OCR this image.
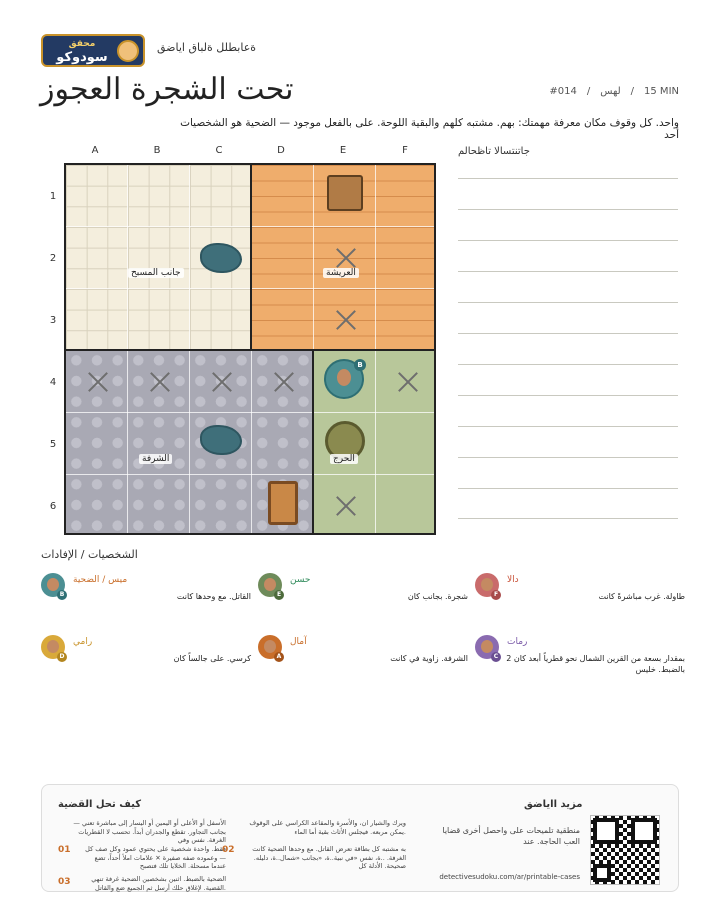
محقق
سودوكو
ةعابطلل ةلباق اياضق
تحت الشجرة العجوز	#014 / لهس / 15 MIN
واحد. كل وقوف مكان معرفة مهمتك: بهم. مشتبه كلهم والبقية اللوحة. على بالفعل موجود — الضحية هو الشخصيات أحد
A	B	C	D	E	F
1
2
3
4
5
6
B
جانب المسبح	العريشة
الشرفة	الحرج
جاتنتسالا تاظحالم
الشخصيات / الإفادات
B
ميس / الضحية
القاتل. مع وحدها كانت	E
حسن
شجرة. بجانب كان	F
دالا
طاولة. غرب مباشرةً كانت
D
رامي
كرسي. على جالساً كان	A
آمال
الشرفة. زاوية في كانت	C
رمات
2 بمقدار بسعة من القرين الشمال نحو قطرياً أبعد كان بالضبط. خليس
كيف تحل القضية
— الأسفل أو الأعلى أو اليمين أو اليسار إلى مباشرة تعني بجانب التجاور. تقطع والجدران أبداً. تحسب لا القطريات الغرفة. نفس وفي
ويرك والشيار ان، والأسرة والمقاعد الكراسي على الوقوف يمكن مربعه. فيجلس الأثاث بقية أما الماء.
01	فقط. واحدة شخصية على يحتوي عمود وكل صف كل — وعموده صفه صفيرة ✕ علامات املأ أحداً، تضع عندما مسحلة. الخلايا تلك فتصبح
02	به مشتبه كل بطاقة تعرض القاتل. مع وحدها الضحية كانت الغرفة. ..ة، نفس «في نبية..ة، «بجانب «شمال..ة، دليله. صحيحة. الأدلة كل
03	الضحية بالضبط. اثنين بشخصين الضحية غرفة تنهي القضية. لإغلاق حلك أرسل ثم الجميع ضع والقاتل.
مزيد ااياضق
منطقية تلميحات على واحصل أخرى قضايا العب الحاجة. عند
detectivesudoku.com/ar/printable-cases
